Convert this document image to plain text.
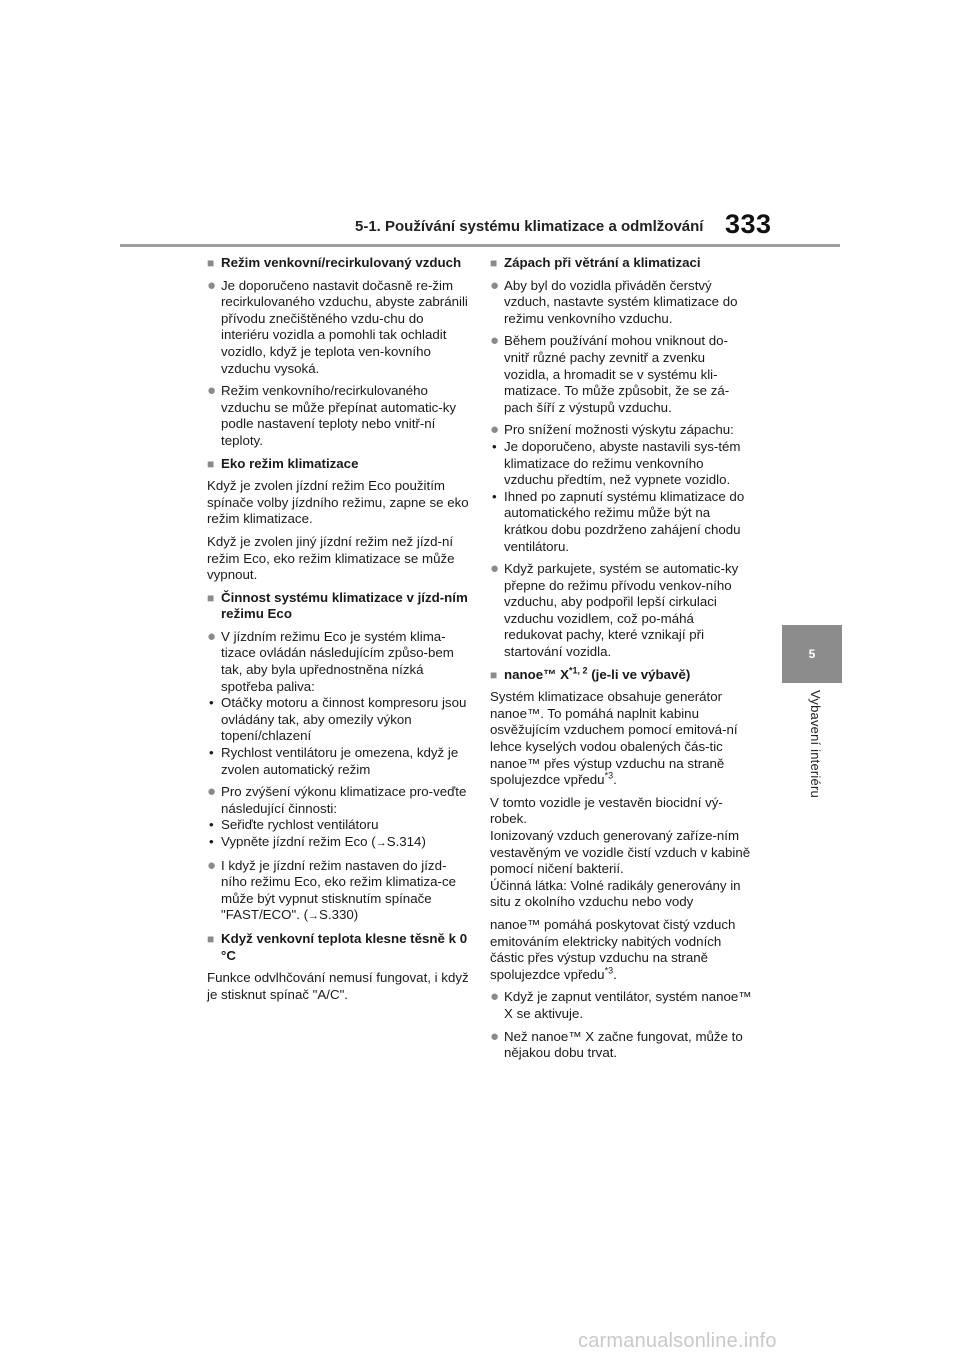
5-1. Používání systému klimatizace a odmlžování 333
5
Vybavení interiéru
■ Režim venkovní/recirkulovaný vzduch
● Je doporučeno nastavit dočasně re-žim recirkulovaného vzduchu, abyste zabránili přívodu znečištěného vzdu-chu do interiéru vozidla a pomohli tak ochladit vozidlo, když je teplota ven-kovního vzduchu vysoká.
● Režim venkovního/recirkulovaného vzduchu se může přepínat automatic-ky podle nastavení teploty nebo vnitř-ní teploty.
■ Eko režim klimatizace
Když je zvolen jízdní režim Eco použitím spínače volby jízdního režimu, zapne se eko režim klimatizace.
Když je zvolen jiný jízdní režim než jízd-ní režim Eco, eko režim klimatizace se může vypnout.
■ Činnost systému klimatizace v jízd-ním režimu Eco
● V jízdním režimu Eco je systém klima-tizace ovládán následujícím způso-bem tak, aby byla upřednostněna nízká spotřeba paliva:
• Otáčky motoru a činnost kompresoru jsou ovládány tak, aby omezily výkon topení/chlazení
• Rychlost ventilátoru je omezena, když je zvolen automatický režim
● Pro zvýšení výkonu klimatizace pro-veďte následující činnosti:
• Seřiďte rychlost ventilátoru
• Vypněte jízdní režim Eco (→S.314)
● I když je jízdní režim nastaven do jízd-ního režimu Eco, eko režim klimatiza-ce může být vypnut stisknutím spínače "FAST/ECO". (→S.330)
■ Když venkovní teplota klesne těsně k 0 °C
Funkce odvlhčování nemusí fungovat, i když je stisknut spínač "A/C".
■ Zápach při větrání a klimatizaci
● Aby byl do vozidla přiváděn čerstvý vzduch, nastavte systém klimatizace do režimu venkovního vzduchu.
● Během používání mohou vniknout do-vnitř různé pachy zevnitř a zvenku vozidla, a hromadit se v systému kli-matizace. To může způsobit, že se zá-pach šíří z výstupů vzduchu.
● Pro snížení možnosti výskytu zápachu:
• Je doporučeno, abyste nastavili sys-tém klimatizace do režimu venkovního vzduchu předtím, než vypnete vozidlo.
• Ihned po zapnutí systému klimatizace do automatického režimu může být na krátkou dobu pozdrženo zahájení chodu ventilátoru.
● Když parkujete, systém se automatic-ky přepne do režimu přívodu venkov-ního vzduchu, aby podpořil lepší cirkulaci vzduchu vozidlem, což po-máhá redukovat pachy, které vznikají při startování vozidla.
■ nanoe™ X$^{*1, 2}$ (je-li ve výbavě)
Systém klimatizace obsahuje generátor nanoe™. To pomáhá naplnit kabinu osvěžujícím vzduchem pomocí emitová-ní lehce kyselých vodou obalených čás-tic nanoe™ přes výstup vzduchu na straně spolujezdce vpředu$^{*3}$.
V tomto vozidle je vestavěn biocidní vý-robek.
Ionizovaný vzduch generovaný zaříze-ním vestavěným ve vozidle čistí vzduch v kabině pomocí ničení bakterií.
Účinná látka: Volné radikály generovány in situ z okolního vzduchu nebo vody
nanoe™ pomáhá poskytovat čistý vzduch emitováním elektricky nabitých vodních částic přes výstup vzduchu na straně spolujezdce vpředu$^{*3}$.
● Když je zapnut ventilátor, systém nanoe™ X se aktivuje.
● Než nanoe™ X začne fungovat, může to nějakou dobu trvat.
carmanualsonline.info
